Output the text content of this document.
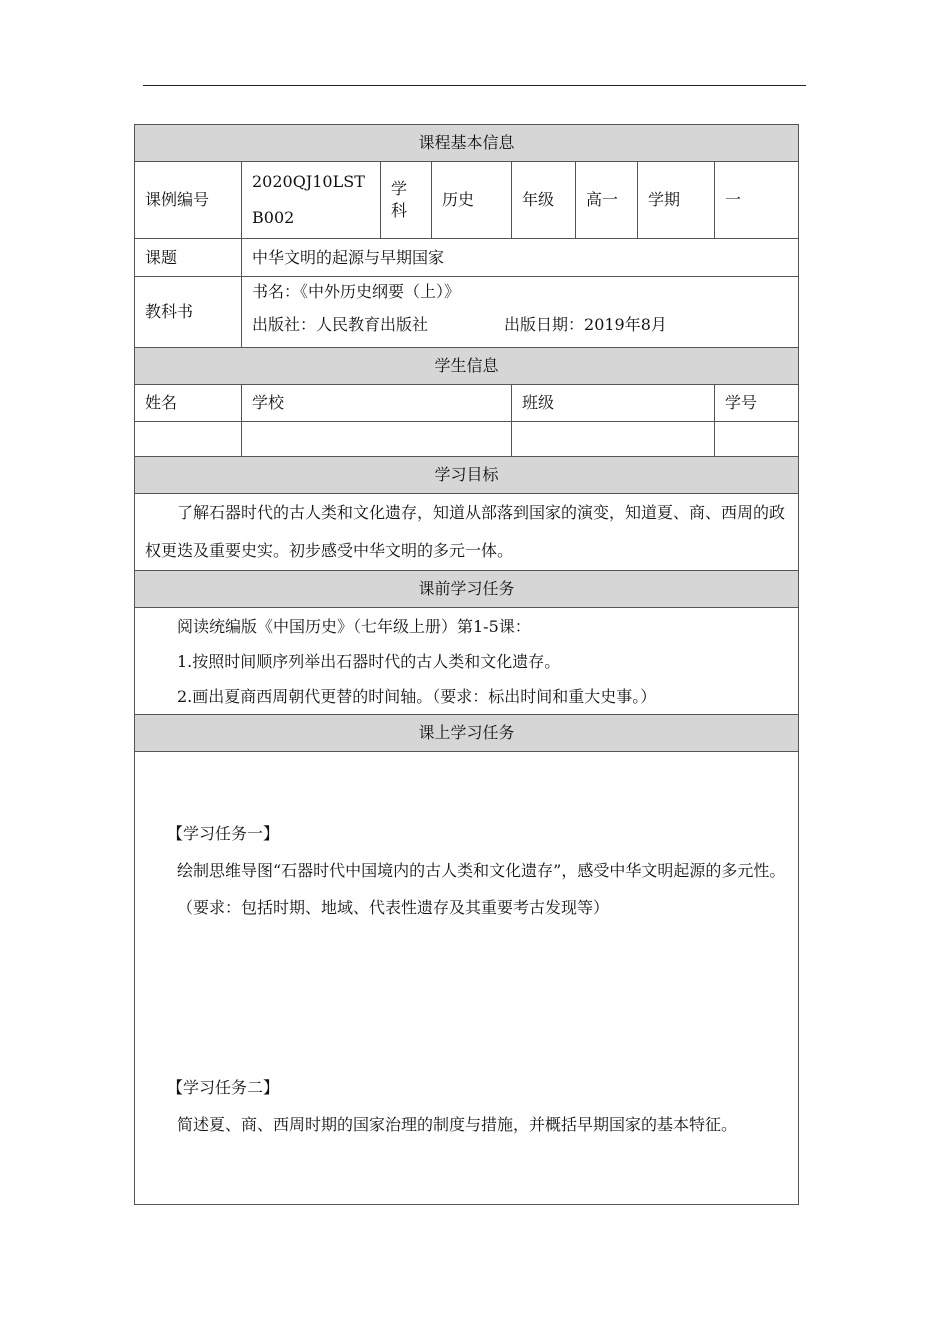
课程基本信息							
课例编号	2020QJ10LSTB002	学科	历史	年级	高一	学期	一
课题	中华文明的起源与早期国家						
教科书	书名：《中外历史纲要（上）》
出版社：人民教育出版社 出版日期：2019年8月						

学生信息							
姓名	学校			班级			学号

学习目标							

了解石器时代的古人类和文化遗存，知道从部落到国家的演变，知道夏、商、西周的政权更迭及重要史实。初步感受中华文明的多元一体。							

课前学习任务							

阅读统编版《中国历史》（七年级上册）第1-5课：

1.按照时间顺序列举出石器时代的古人类和文化遗存。

2.画出夏商西周朝代更替的时间轴。（要求：标出时间和重大史事。）							

课上学习任务							

【学习任务一】

绘制思维导图“石器时代中国境内的古人类和文化遗存”，感受中华文明起源的多元性。

（要求：包括时期、地域、代表性遗存及其重要考古发现等）

【学习任务二】

简述夏、商、西周时期的国家治理的制度与措施，并概括早期国家的基本特征。							
